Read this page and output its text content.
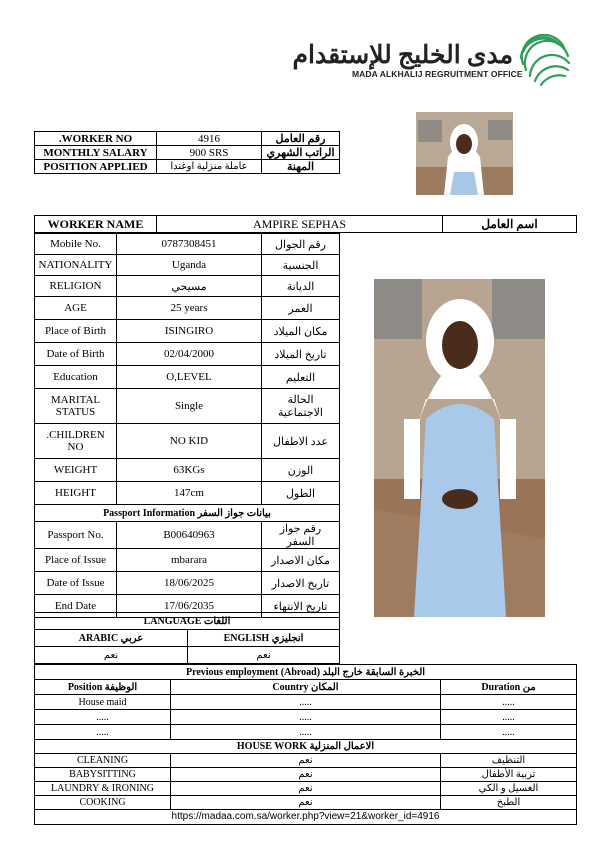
مدى الخليج للإستقدام
MADA ALKHALIJ REGRUITMENT OFFICE
.WORKER NO	4916	رقم العامل
MONTHLY SALARY	900 SRS	الراتب الشهري
POSITION APPLIED	عاملة منزلية اوغندا	المهنة
WORKER NAME	AMPIRE SEPHAS	اسم العامل
Mobile No.	0787308451	رقم الجوال
NATIONALITY	Uganda	الجنسية
RELIGION	مسيحي	الديانة
AGE	25 years	العمر
Place of Birth	ISINGIRO	مكان الميلاد
Date of Birth	02/04/2000	تاريخ الميلاد
Education	O,LEVEL	التعليم
MARITAL STATUS	Single	الحالة الاجتماعية
.CHILDREN NO	NO KID	عدد الاطفال
WEIGHT	63KGs	الوزن
HEIGHT	147cm	الطول
Passport Information بيانات جواز السفر		
Passport No.	B00640963	رقم جواز السفر
Place of Issue	mbarara	مكان الاصدار
Date of Issue	18/06/2025	تاريخ الاصدار
End Date	17/06/2035	تاريخ الانتهاء
LANGUAGE اللغات	
ARABIC عربي	ENGLISH انجليزي
نعم	نعم
Previous employment (Abroad) الخبرة السابقة خارج البلد		
Position الوظيفة	Country المكان	Duration من
House maid	.....	.....
.....	.....	.....
.....	.....	.....
HOUSE WORK الاعمال المنزلية		
CLEANING	نعم	التنظيف
BABYSITTING	نعم	تربية الأطفال
LAUNDRY & IRONING	نعم	الغسيل و الكي
COOKING	نعم	الطبخ
https://madaa.com.sa/worker.php?view=21&worker_id=4916
